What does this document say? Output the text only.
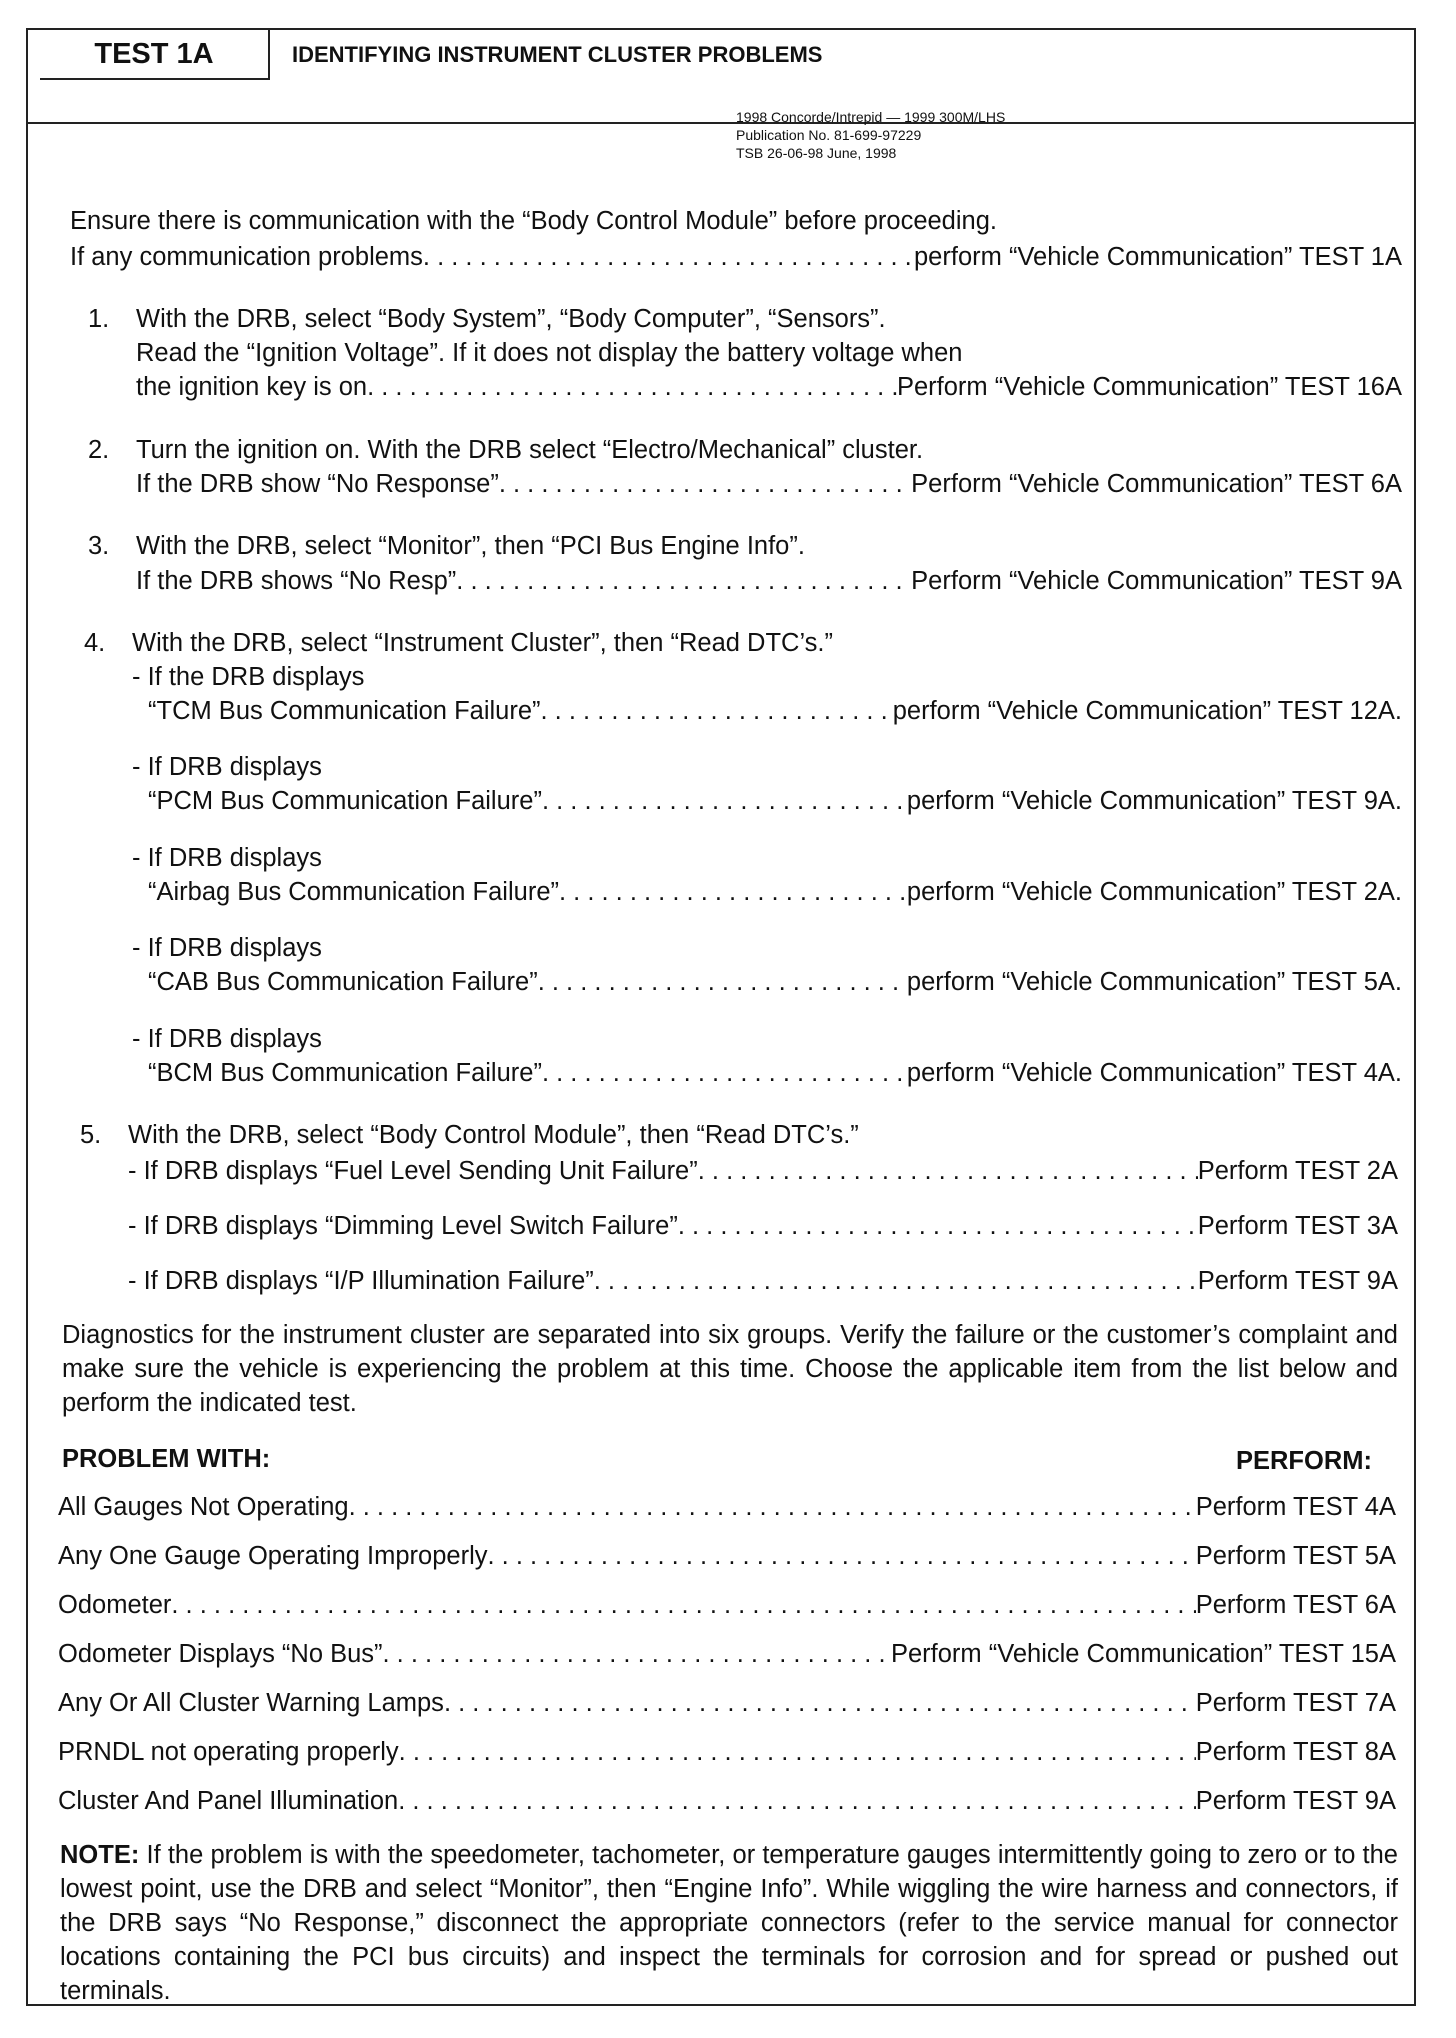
TEST 1A	IDENTIFYING INSTRUMENT CLUSTER PROBLEMS
1998 Concorde/Intrepid — 1999 300M/LHS
Publication No. 81-699-97229
TSB 26-06-98 June, 1998
Ensure there is communication with the “Body Control Module” before proceeding.
If any communication problems . . .	perform “Vehicle Communication” TEST 1A
1. With the DRB, select “Body System”, “Body Computer”, “Sensors”.
Read the “Ignition Voltage”. If it does not display the battery voltage when
the ignition key is on . . .	Perform “Vehicle Communication” TEST 16A
2. Turn the ignition on. With the DRB select “Electro/Mechanical” cluster.
If the DRB show “No Response” . . .	Perform “Vehicle Communication” TEST 6A
3. With the DRB, select “Monitor”, then “PCI Bus Engine Info”.
If the DRB shows “No Resp” . . .	Perform “Vehicle Communication” TEST 9A
4. With the DRB, select “Instrument Cluster”, then “Read DTC’s.”
- If the DRB displays
“TCM Bus Communication Failure” . . .	perform “Vehicle Communication” TEST 12A.
- If DRB displays
“PCM Bus Communication Failure” . . .	perform “Vehicle Communication” TEST 9A.
- If DRB displays
“Airbag Bus Communication Failure” . . .	perform “Vehicle Communication” TEST 2A.
- If DRB displays
“CAB Bus Communication Failure” . . .	perform “Vehicle Communication” TEST 5A.
- If DRB displays
“BCM Bus Communication Failure” . . .	perform “Vehicle Communication” TEST 4A.
5. With the DRB, select “Body Control Module”, then “Read DTC’s.”
- If DRB displays “Fuel Level Sending Unit Failure” . . .	Perform TEST 2A
- If DRB displays “Dimming Level Switch Failure” . . .	Perform TEST 3A
- If DRB displays “I/P Illumination Failure” . . .	Perform TEST 9A
Diagnostics for the instrument cluster are separated into six groups. Verify the failure or the customer’s complaint and make sure the vehicle is experiencing the problem at this time. Choose the applicable item from the list below and perform the indicated test.
PROBLEM WITH:	PERFORM:
All Gauges Not Operating . . .	Perform TEST 4A
Any One Gauge Operating Improperly . . .	Perform TEST 5A
Odometer . . .	Perform TEST 6A
Odometer Displays “No Bus” . . .	Perform “Vehicle Communication” TEST 15A
Any Or All Cluster Warning Lamps . . .	Perform TEST 7A
PRNDL not operating properly . . .	Perform TEST 8A
Cluster And Panel Illumination . . .	Perform TEST 9A
NOTE: If the problem is with the speedometer, tachometer, or temperature gauges intermittently going to zero or to the lowest point, use the DRB and select “Monitor”, then “Engine Info”. While wiggling the wire harness and connectors, if the DRB says “No Response,” disconnect the appropriate connectors (refer to the service manual for connector locations containing the PCI bus circuits) and inspect the terminals for corrosion and for spread or pushed out terminals.
